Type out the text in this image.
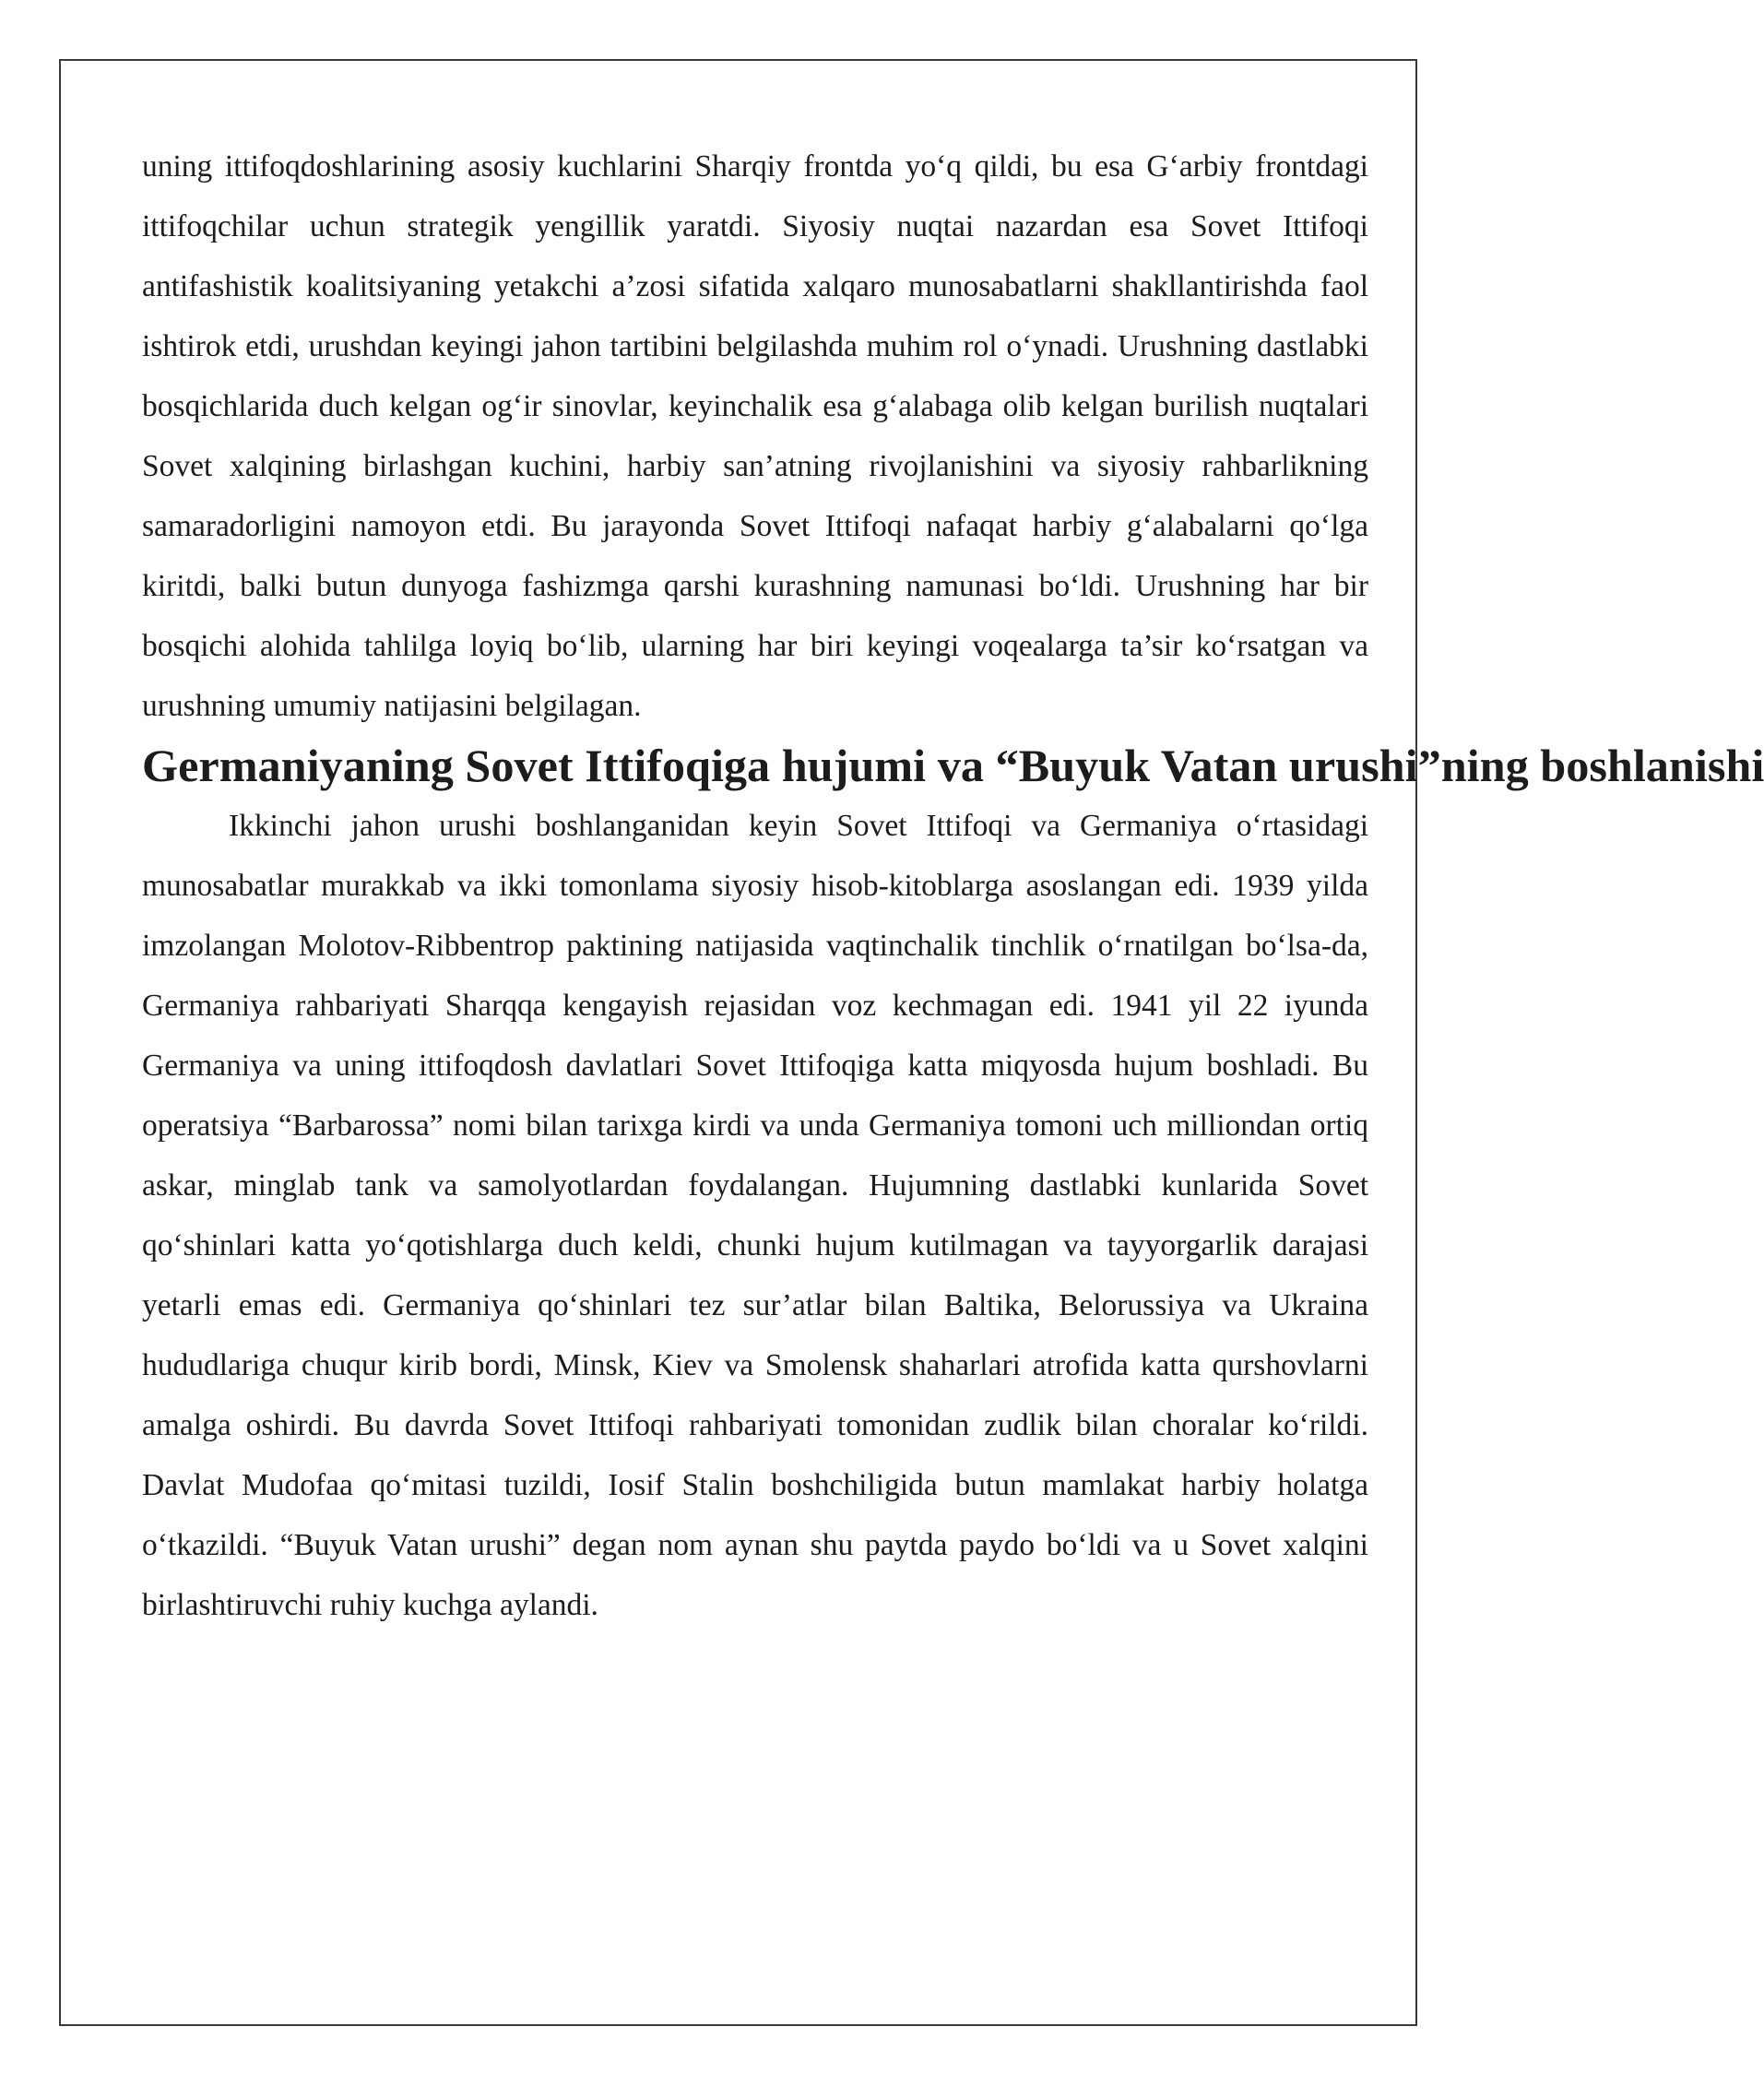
uning ittifoqdoshlarining asosiy kuchlarini Sharqiy frontda yo‘q qildi, bu esa G‘arbiy frontdagi ittifoqchilar uchun strategik yengillik yaratdi. Siyosiy nuqtai nazardan esa Sovet Ittifoqi antifashistik koalitsiyaning yetakchi a’zosi sifatida xalqaro munosabatlarni shakllantirishda faol ishtirok etdi, urushdan keyingi jahon tartibini belgilashda muhim rol o‘ynadi. Urushning dastlabki bosqichlarida duch kelgan og‘ir sinovlar, keyinchalik esa g‘alabaga olib kelgan burilish nuqtalari Sovet xalqining birlashgan kuchini, harbiy san’atning rivojlanishini va siyosiy rahbarlikning samaradorligini namoyon etdi. Bu jarayonda Sovet Ittifoqi nafaqat harbiy g‘alabalarni qo‘lga kiritdi, balki butun dunyoga fashizmga qarshi kurashning namunasi bo‘ldi. Urushning har bir bosqichi alohida tahlilga loyiq bo‘lib, ularning har biri keyingi voqealarga ta’sir ko‘rsatgan va urushning umumiy natijasini belgilagan.

Germaniyaning Sovet Ittifoqiga hujumi va “Buyuk Vatan urushi”ning boshlanishi

Ikkinchi jahon urushi boshlanganidan keyin Sovet Ittifoqi va Germaniya o‘rtasidagi munosabatlar murakkab va ikki tomonlama siyosiy hisob-kitoblarga asoslangan edi. 1939 yilda imzolangan Molotov-Ribbentrop paktining natijasida vaqtinchalik tinchlik o‘rnatilgan bo‘lsa-da, Germaniya rahbariyati Sharqqa kengayish rejasidan voz kechmagan edi. 1941 yil 22 iyunda Germaniya va uning ittifoqdosh davlatlari Sovet Ittifoqiga katta miqyosda hujum boshladi. Bu operatsiya “Barbarossa” nomi bilan tarixga kirdi va unda Germaniya tomoni uch milliondan ortiq askar, minglab tank va samolyotlardan foydalangan. Hujumning dastlabki kunlarida Sovet qo‘shinlari katta yo‘qotishlarga duch keldi, chunki hujum kutilmagan va tayyorgarlik darajasi yetarli emas edi. Germaniya qo‘shinlari tez sur’atlar bilan Baltika, Belorussiya va Ukraina hududlariga chuqur kirib bordi, Minsk, Kiev va Smolensk shaharlari atrofida katta qurshovlarni amalga oshirdi. Bu davrda Sovet Ittifoqi rahbariyati tomonidan zudlik bilan choralar ko‘rildi. Davlat Mudofaa qo‘mitasi tuzildi, Iosif Stalin boshchiligida butun mamlakat harbiy holatga o‘tkazildi. “Buyuk Vatan urushi” degan nom aynan shu paytda paydo bo‘ldi va u Sovet xalqini birlashtiruvchi ruhiy kuchga aylandi.
